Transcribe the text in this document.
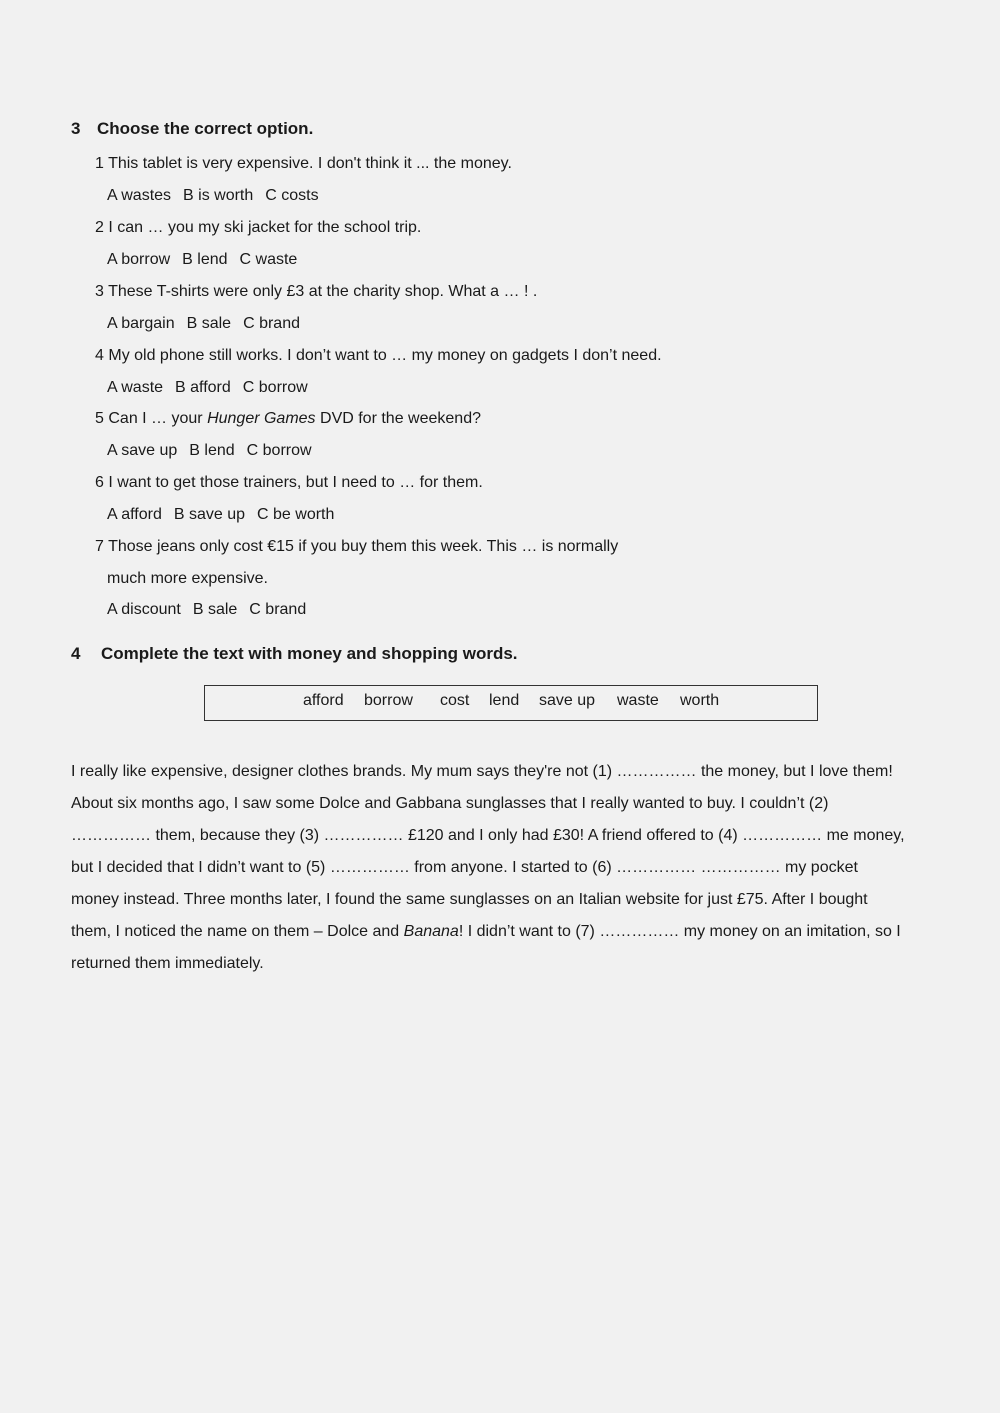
3 Choose the correct option.
1 This tablet is very expensive. I don't think it ... the money.
A wastes B is worth C costs
2 I can … you my ski jacket for the school trip.
A borrow B lend C waste
3 These T-shirts were only £3 at the charity shop. What a … ! .
A bargain B sale C brand
4 My old phone still works. I don’t want to … my money on gadgets I don’t need.
A waste B afford C borrow
5 Can I … your Hunger Games DVD for the weekend?
A save up B lend C borrow
6 I want to get those trainers, but I need to … for them.
A afford B save up C be worth
7 Those jeans only cost €15 if you buy them this week. This … is normally
much more expensive.
A discount B sale C brand
4 Complete the text with money and shopping words.
afford borrow cost lend save up waste worth
I really like expensive, designer clothes brands. My mum says they're not (1) …………… the money, but I love them!
About six months ago, I saw some Dolce and Gabbana sunglasses that I really wanted to buy. I couldn’t (2)
…………… them, because they (3) …………… £120 and I only had £30! A friend offered to (4) …………… me money,
but I decided that I didn’t want to (5) …………… from anyone. I started to (6) …………… …………… my pocket
money instead. Three months later, I found the same sunglasses on an Italian website for just £75. After I bought
them, I noticed the name on them – Dolce and Banana! I didn’t want to (7) …………… my money on an imitation, so I
returned them immediately.
